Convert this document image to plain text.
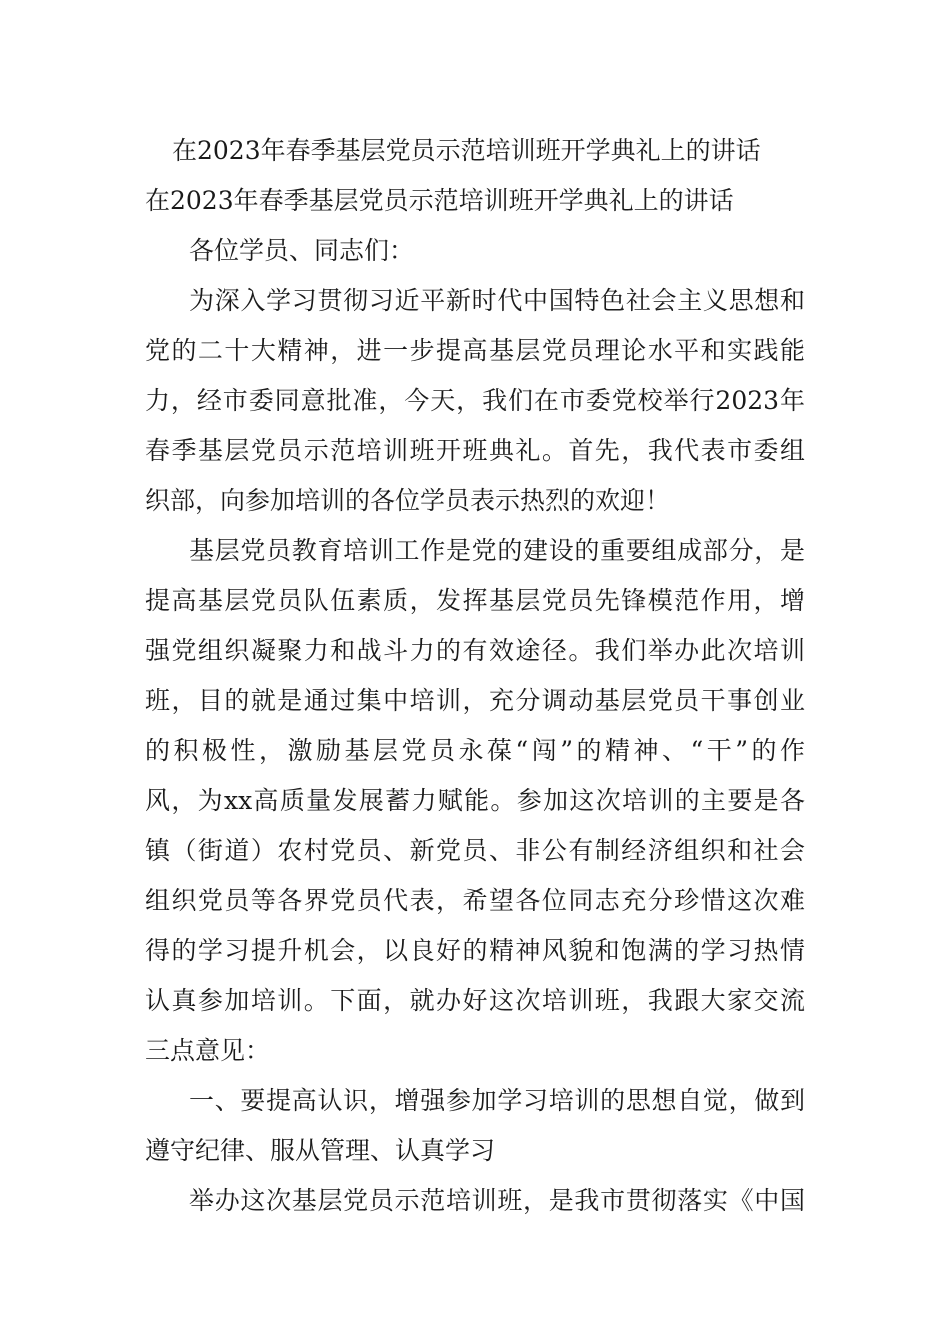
在2023年春季基层党员示范培训班开学典礼上的讲话
在2023年春季基层党员示范培训班开学典礼上的讲话
各位学员、同志们：
为深入学习贯彻习近平新时代中国特色社会主义思想和
党的二十大精神，进一步提高基层党员理论水平和实践能
力，经市委同意批准，今天，我们在市委党校举行2023年
春季基层党员示范培训班开班典礼。首先，我代表市委组
织部，向参加培训的各位学员表示热烈的欢迎！
基层党员教育培训工作是党的建设的重要组成部分，是
提高基层党员队伍素质，发挥基层党员先锋模范作用，增
强党组织凝聚力和战斗力的有效途径。我们举办此次培训
班，目的就是通过集中培训，充分调动基层党员干事创业
的积极性，激励基层党员永葆“闯”的精神、“干”的作
风，为xx高质量发展蓄力赋能。参加这次培训的主要是各
镇（街道）农村党员、新党员、非公有制经济组织和社会
组织党员等各界党员代表，希望各位同志充分珍惜这次难
得的学习提升机会，以良好的精神风貌和饱满的学习热情
认真参加培训。下面，就办好这次培训班，我跟大家交流
三点意见：
一、要提高认识，增强参加学习培训的思想自觉，做到
遵守纪律、服从管理、认真学习
举办这次基层党员示范培训班，是我市贯彻落实《中国
